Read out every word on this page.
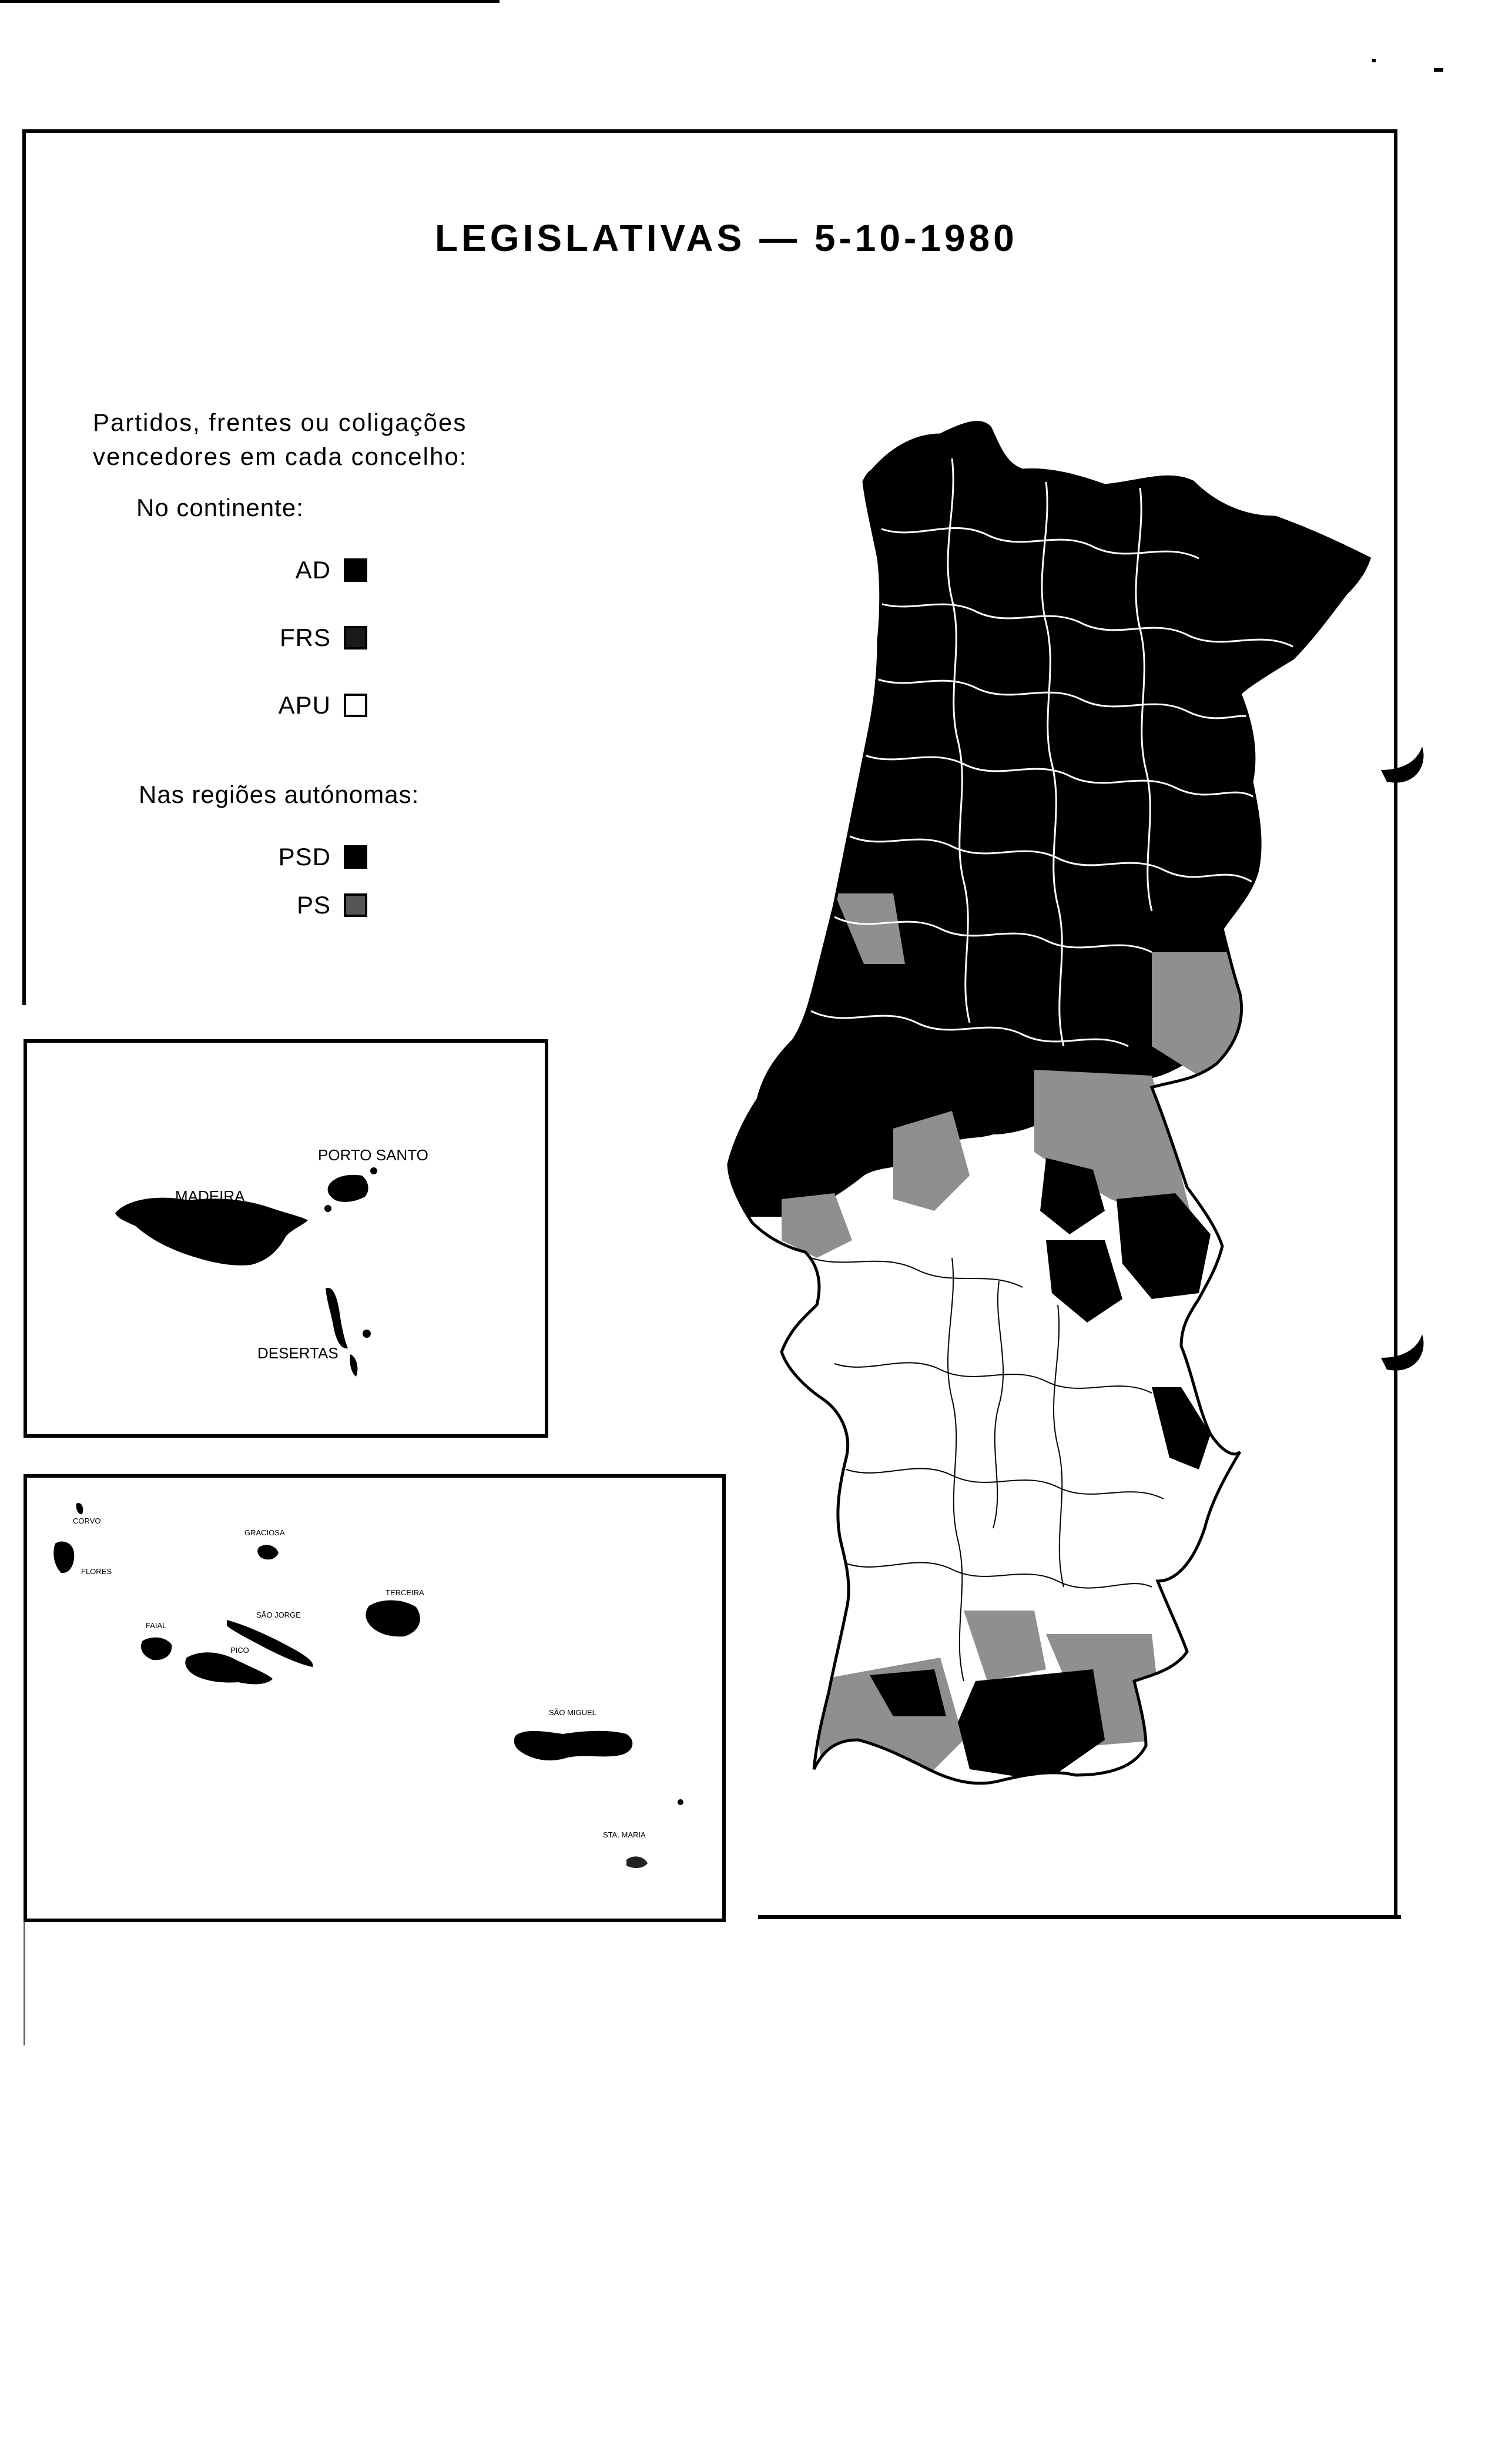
LEGISLATIVAS — 5-10-1980
Partidos, frentes ou coligações
vencedores em cada concelho:
No continente:
AD
FRS
APU
Nas regiões autónomas:
PSD
PS
MADEIRA
PORTO SANTO
DESERTAS
CORVO
FLORES
GRACIOSA
TERCEIRA
FAIAL
SÃO JORGE
PICO
SÃO MIGUEL
STA. MARIA
